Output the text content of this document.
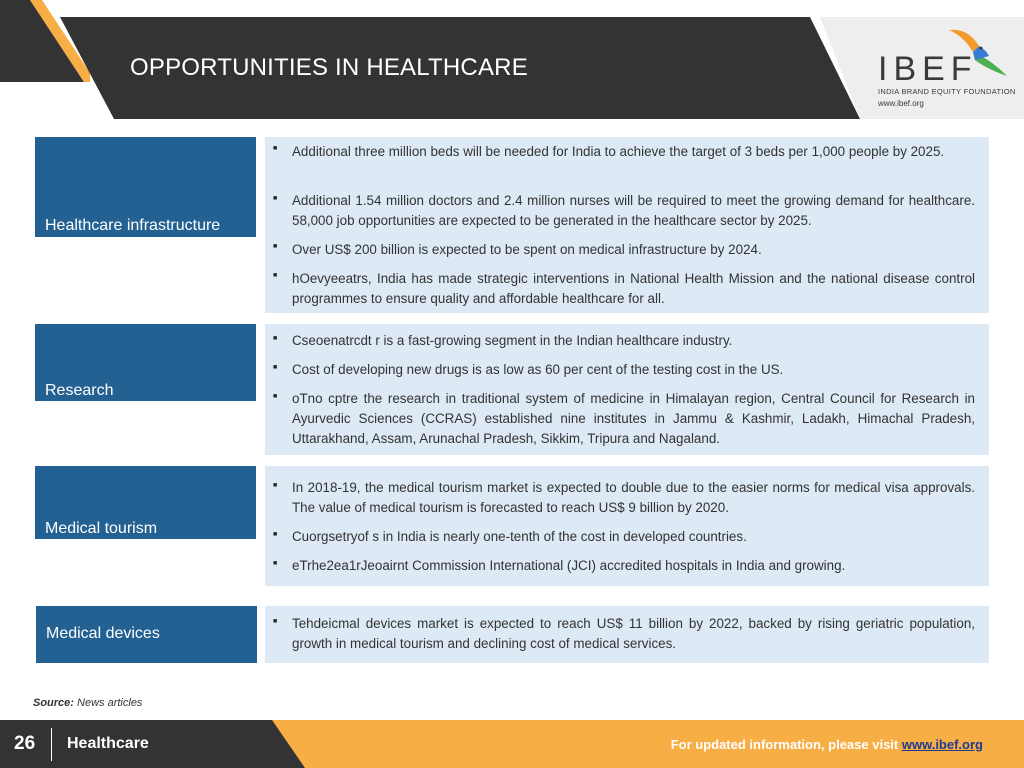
OPPORTUNITIES IN HEALTHCARE	IBEF
INDIA BRAND EQUITY FOUNDATION
www.ibef.org
Healthcare infrastructure
■ Additional three million beds will be needed for India to achieve the target of 3 beds per 1,000 people by 2025.
■ Additional 1.54 million doctors and 2.4 million nurses will be required to meet the growing demand for healthcare. 58,000 job opportunities are expected to be generated in the healthcare sector by 2025.
■ Over US$ 200 billion is expected to be spent on medical infrastructure by 2024.
■ hOevyeeatrs, India has made strategic interventions in National Health Mission and the national disease control programmes to ensure quality and affordable healthcare for all.
Research
■ Cseoenatrcdt r is a fast-growing segment in the Indian healthcare industry.
■ Cost of developing new drugs is as low as 60 per cent of the testing cost in the US.
■ oTno cptre the research in traditional system of medicine in Himalayan region, Central Council for Research in Ayurvedic Sciences (CCRAS) established nine institutes in Jammu & Kashmir, Ladakh, Himachal Pradesh, Uttarakhand, Assam, Arunachal Pradesh, Sikkim, Tripura and Nagaland.
Medical tourism
■ In 2018-19, the medical tourism market is expected to double due to the easier norms for medical visa approvals. The value of medical tourism is forecasted to reach US$ 9 billion by 2020.
■ Cuorgsetryof s in India is nearly one-tenth of the cost in developed countries.
■ eTrhe2ea1rJeoairnt Commission International (JCI) accredited hospitals in India and growing.
Medical devices
■ Tehdeicmal devices market is expected to reach US$ 11 billion by 2022, backed by rising geriatric population, growth in medical tourism and declining cost of medical services.
Source: News articles
26 Healthcare	For updated information, please visit www.ibef.org
